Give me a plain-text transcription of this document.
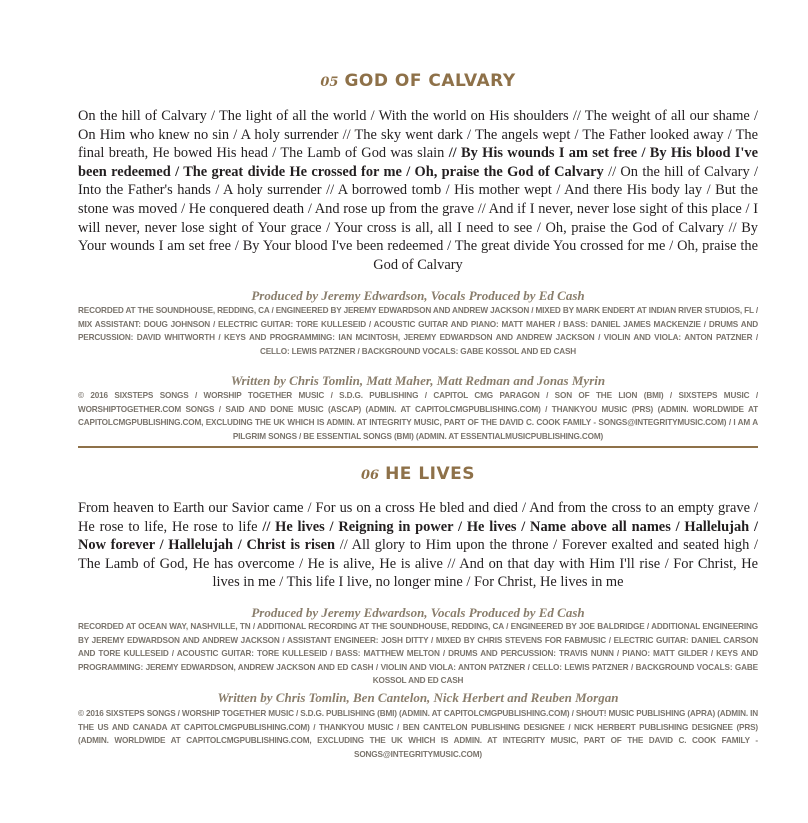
05 GOD OF CALVARY
On the hill of Calvary / The light of all the world / With the world on His shoulders // The weight of all our shame / On Him who knew no sin / A holy surrender // The sky went dark / The angels wept / The Father looked away / The final breath, He bowed His head / The Lamb of God was slain // By His wounds I am set free / By His blood I've been redeemed / The great divide He crossed for me / Oh, praise the God of Calvary // On the hill of Calvary / Into the Father's hands / A holy surrender // A borrowed tomb / His mother wept / And there His body lay / But the stone was moved / He conquered death / And rose up from the grave // And if I never, never lose sight of this place / I will never, never lose sight of Your grace / Your cross is all, all I need to see / Oh, praise the God of Calvary // By Your wounds I am set free / By Your blood I've been redeemed / The great divide You crossed for me / Oh, praise the God of Calvary
Produced by Jeremy Edwardson, Vocals Produced by Ed Cash
RECORDED AT THE SOUNDHOUSE, REDDING, CA / ENGINEERED BY JEREMY EDWARDSON AND ANDREW JACKSON / MIXED BY MARK ENDERT AT INDIAN RIVER STUDIOS, FL / MIX ASSISTANT: DOUG JOHNSON / ELECTRIC GUITAR: TORE KULLESEID / ACOUSTIC GUITAR AND PIANO: MATT MAHER / BASS: DANIEL JAMES MACKENZIE / DRUMS AND PERCUSSION: DAVID WHITWORTH / KEYS AND PROGRAMMING: IAN MCINTOSH, JEREMY EDWARDSON AND ANDREW JACKSON / VIOLIN AND VIOLA: ANTON PATZNER / CELLO: LEWIS PATZNER / BACKGROUND VOCALS: GABE KOSSOL AND ED CASH
Written by Chris Tomlin, Matt Maher, Matt Redman and Jonas Myrin
© 2016 SIXSTEPS SONGS / WORSHIP TOGETHER MUSIC / S.D.G. PUBLISHING / CAPITOL CMG PARAGON / SON OF THE LION (BMI) / SIXSTEPS MUSIC / WORSHIPTOGETHER.COM SONGS / SAID AND DONE MUSIC (ASCAP) (ADMIN. AT CAPITOLCMGPUBLISHING.COM) / THANKYOU MUSIC (PRS) (ADMIN. WORLDWIDE AT CAPITOLCMGPUBLISHING.COM, EXCLUDING THE UK WHICH IS ADMIN. AT INTEGRITY MUSIC, PART OF THE DAVID C. COOK FAMILY - SONGS@INTEGRITYMUSIC.COM) / I AM A PILGRIM SONGS / BE ESSENTIAL SONGS (BMI) (ADMIN. AT ESSENTIALMUSICPUBLISHING.COM)
06 HE LIVES
From heaven to Earth our Savior came / For us on a cross He bled and died / And from the cross to an empty grave / He rose to life, He rose to life // He lives / Reigning in power / He lives / Name above all names / Hallelujah / Now forever / Hallelujah / Christ is risen // All glory to Him upon the throne / Forever exalted and seated high / The Lamb of God, He has overcome / He is alive, He is alive // And on that day with Him I'll rise / For Christ, He lives in me / This life I live, no longer mine / For Christ, He lives in me
Produced by Jeremy Edwardson, Vocals Produced by Ed Cash
RECORDED AT OCEAN WAY, NASHVILLE, TN / ADDITIONAL RECORDING AT THE SOUNDHOUSE, REDDING, CA / ENGINEERED BY JOE BALDRIDGE / ADDITIONAL ENGINEERING BY JEREMY EDWARDSON AND ANDREW JACKSON / ASSISTANT ENGINEER: JOSH DITTY / MIXED BY CHRIS STEVENS FOR FABMUSIC / ELECTRIC GUITAR: DANIEL CARSON AND TORE KULLESEID / ACOUSTIC GUITAR: TORE KULLESEID / BASS: MATTHEW MELTON / DRUMS AND PERCUSSION: TRAVIS NUNN / PIANO: MATT GILDER / KEYS AND PROGRAMMING: JEREMY EDWARDSON, ANDREW JACKSON AND ED CASH / VIOLIN AND VIOLA: ANTON PATZNER / CELLO: LEWIS PATZNER / BACKGROUND VOCALS: GABE KOSSOL AND ED CASH
Written by Chris Tomlin, Ben Cantelon, Nick Herbert and Reuben Morgan
© 2016 SIXSTEPS SONGS / WORSHIP TOGETHER MUSIC / S.D.G. PUBLISHING (BMI) (ADMIN. AT CAPITOLCMGPUBLISHING.COM) / SHOUT! MUSIC PUBLISHING (APRA) (ADMIN. IN THE US AND CANADA AT CAPITOLCMGPUBLISHING.COM) / THANKYOU MUSIC / BEN CANTELON PUBLISHING DESIGNEE / NICK HERBERT PUBLISHING DESIGNEE (PRS) (ADMIN. WORLDWIDE AT CAPITOLCMGPUBLISHING.COM, EXCLUDING THE UK WHICH IS ADMIN. AT INTEGRITY MUSIC, PART OF THE DAVID C. COOK FAMILY - SONGS@INTEGRITYMUSIC.COM)
